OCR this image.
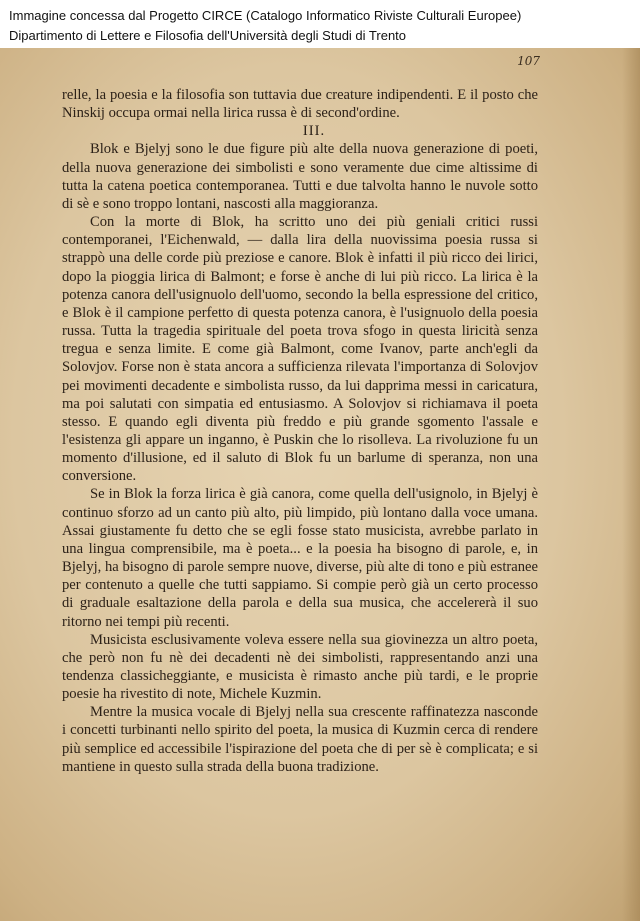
Immagine concessa dal Progetto CIRCE (Catalogo Informatico Riviste Culturali Europee)
Dipartimento di Lettere e Filosofia dell'Università degli Studi di Trento
107

relle, la poesia e la filosofia son tuttavia due creature indipendenti. E il posto che Ninskij occupa ormai nella lirica russa è di second'ordine.

III.

Blok e Bjelyj sono le due figure più alte della nuova generazione di poeti, della nuova generazione dei simbolisti e sono veramente due cime altissime di tutta la catena poetica contemporanea. Tutti e due talvolta hanno le nuvole sotto di sè e sono troppo lontani, nascosti alla maggioranza.

Con la morte di Blok, ha scritto uno dei più geniali critici russi contemporanei, l'Eichenwald, — dalla lira della nuovissima poesia russa si strappò una delle corde più preziose e canore. Blok è infatti il più ricco dei lirici, dopo la pioggia lirica di Balmont; e forse è anche di lui più ricco. La lirica è la potenza canora dell'usignuolo dell'uomo, secondo la bella espressione del critico, e Blok è il campione perfetto di questa potenza canora, è l'usignuolo della poesia russa. Tutta la tragedia spirituale del poeta trova sfogo in questa liricità senza tregua e senza limite. E come già Balmont, come Ivanov, parte anch'egli da Solovjov. Forse non è stata ancora a sufficienza rilevata l'importanza di Solovjov pei movimenti decadente e simbolista russo, da lui dapprima messi in caricatura, ma poi salutati con simpatia ed entusiasmo. A Solovjov si richiamava il poeta stesso. E quando egli diventa più freddo e più grande sgomento l'assale e l'esistenza gli appare un inganno, è Puskin che lo risolleva. La rivoluzione fu un momento d'illusione, ed il saluto di Blok fu un barlume di speranza, non una conversione.

Se in Blok la forza lirica è già canora, come quella dell'usignolo, in Bjelyj è continuo sforzo ad un canto più alto, più limpido, più lontano dalla voce umana. Assai giustamente fu detto che se egli fosse stato musicista, avrebbe parlato in una lingua comprensibile, ma è poeta... e la poesia ha bisogno di parole, e, in Bjelyj, ha bisogno di parole sempre nuove, diverse, più alte di tono e più estranee per contenuto a quelle che tutti sappiamo. Si compie però già un certo processo di graduale esaltazione della parola e della sua musica, che accelererà il suo ritorno nei tempi più recenti.

Musicista esclusivamente voleva essere nella sua giovinezza un altro poeta, che però non fu nè dei decadenti nè dei simbolisti, rappresentando anzi una tendenza classicheggiante, e musicista è rimasto anche più tardi, e le proprie poesie ha rivestito di note, Michele Kuzmin.

Mentre la musica vocale di Bjelyj nella sua crescente raffinatezza nasconde i concetti turbinanti nello spirito del poeta, la musica di Kuzmin cerca di rendere più semplice ed accessibile l'ispirazione del poeta che di per sè è complicata; e si mantiene in questo sulla strada della buona tradizione.
